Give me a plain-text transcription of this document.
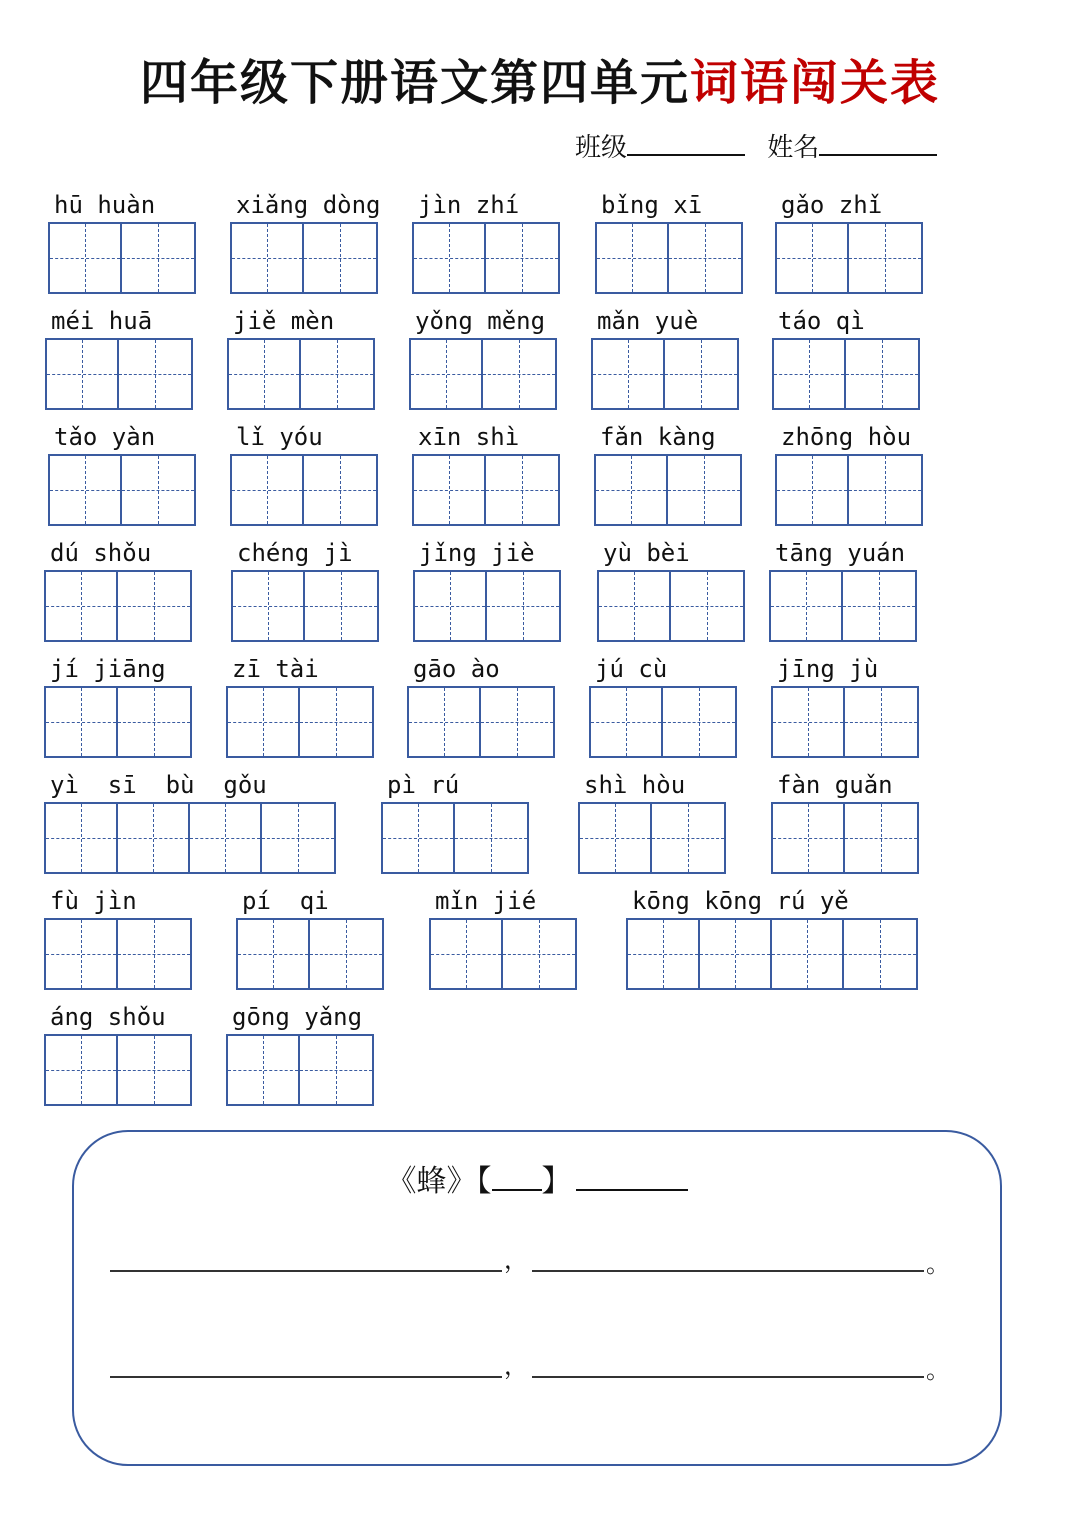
四年级下册语文第四单元词语闯关表
班级	姓名
hū huàn	xiǎng dòng jìn zhí	bǐng xī	gǎo zhǐ
méi huā	jiě mèn	yǒng měng	mǎn yuè	táo qì
tǎo yàn	lǐ yóu	xīn shì	fǎn kàng	zhōng hòu
dú shǒu	chéng jì	jǐng jiè	yù bèi	tāng yuán
jí jiāng	zī tài	gāo ào	jú cù	jīng jù
yì  sī  bù  gǒu	pì rú	shì hòu	fàn guǎn
fù jìn	pí  qi	mǐn jié	kōng kōng rú yě
áng shǒu	gōng yǎng
《蜂》【 】
，	。
，	。
